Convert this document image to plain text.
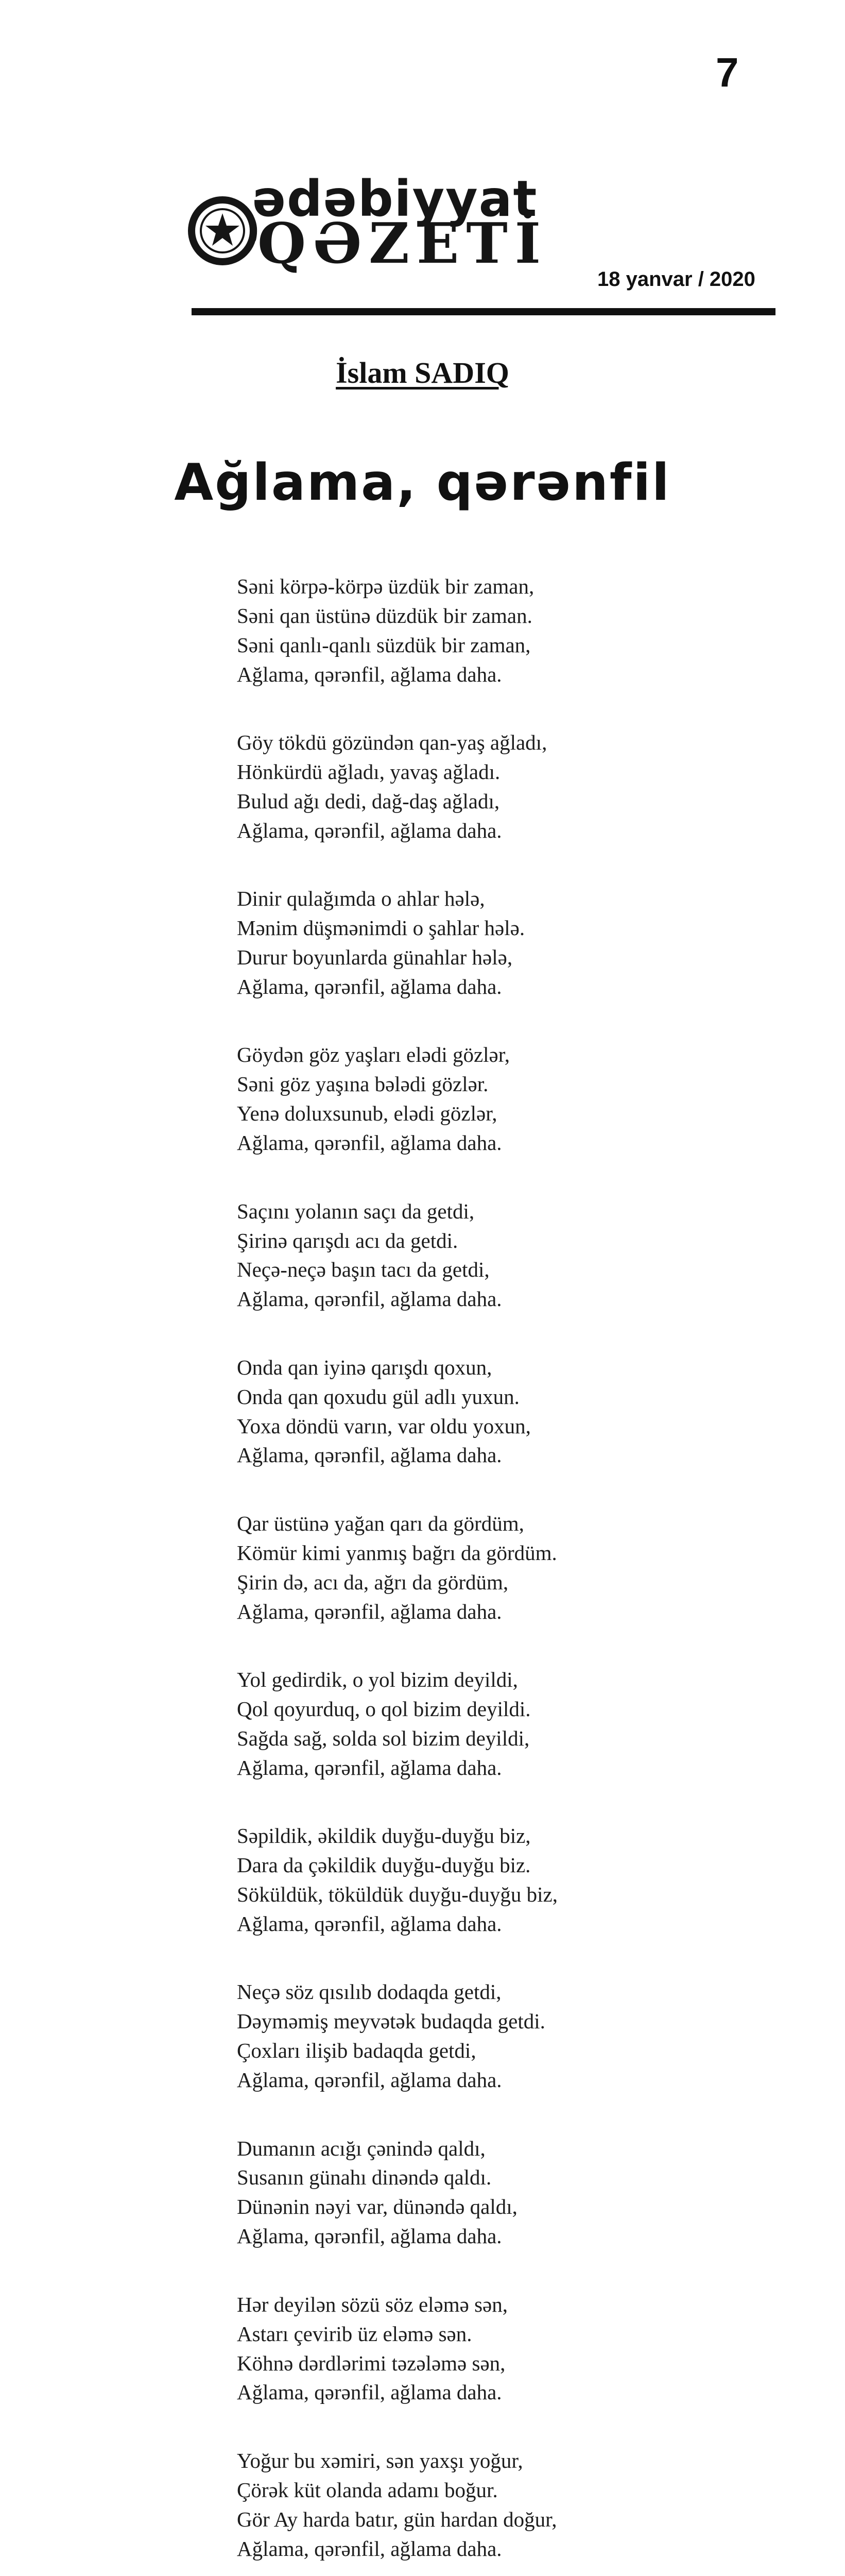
7
ədəbiyyat
QƏZETİ
18 yanvar / 2020
İslam SADIQ
Ağlama, qərənfil
Səni körpə-körpə üzdük bir zaman,
Səni qan üstünə düzdük bir zaman.
Səni qanlı-qanlı süzdük bir zaman,
Ağlama, qərənfil, ağlama daha.
Göy tökdü gözündən qan-yaş ağladı,
Hönkürdü ağladı, yavaş ağladı.
Bulud ağı dedi, dağ-daş ağladı,
Ağlama, qərənfil, ağlama daha.
Dinir qulağımda o ahlar hələ,
Mənim düşmənimdi o şahlar hələ.
Durur boyunlarda günahlar hələ,
Ağlama, qərənfil, ağlama daha.
Göydən göz yaşları elədi gözlər,
Səni göz yaşına bələdi gözlər.
Yenə doluxsunub, elədi gözlər,
Ağlama, qərənfil, ağlama daha.
Saçını yolanın saçı da getdi,
Şirinə qarışdı acı da getdi.
Neçə-neçə başın tacı da getdi,
Ağlama, qərənfil, ağlama daha.
Onda qan iyinə qarışdı qoxun,
Onda qan qoxudu gül adlı yuxun.
Yoxa döndü varın, var oldu yoxun,
Ağlama, qərənfil, ağlama daha.
Qar üstünə yağan qarı da gördüm,
Kömür kimi yanmış bağrı da gördüm.
Şirin də, acı da, ağrı da gördüm,
Ağlama, qərənfil, ağlama daha.
Yol gedirdik, o yol bizim deyildi,
Qol qoyurduq, o qol bizim deyildi.
Sağda sağ, solda sol bizim deyildi,
Ağlama, qərənfil, ağlama daha.
Səpildik, əkildik duyğu-duyğu biz,
Dara da çəkildik duyğu-duyğu biz.
Söküldük, töküldük duyğu-duyğu biz,
Ağlama, qərənfil, ağlama daha.
Neçə söz qısılıb dodaqda getdi,
Dəyməmiş meyvətək budaqda getdi.
Çoxları ilişib badaqda getdi,
Ağlama, qərənfil, ağlama daha.
Dumanın acığı çənində qaldı,
Susanın günahı dinəndə qaldı.
Dünənin nəyi var, dünəndə qaldı,
Ağlama, qərənfil, ağlama daha.
Hər deyilən sözü söz eləmə sən,
Astarı çevirib üz eləmə sən.
Köhnə dərdlərimi təzələmə sən,
Ağlama, qərənfil, ağlama daha.
Yoğur bu xəmiri, sən yaxşı yoğur,
Çörək küt olanda adamı boğur.
Gör Ay harda batır, gün hardan doğur,
Ağlama, qərənfil, ağlama daha.
